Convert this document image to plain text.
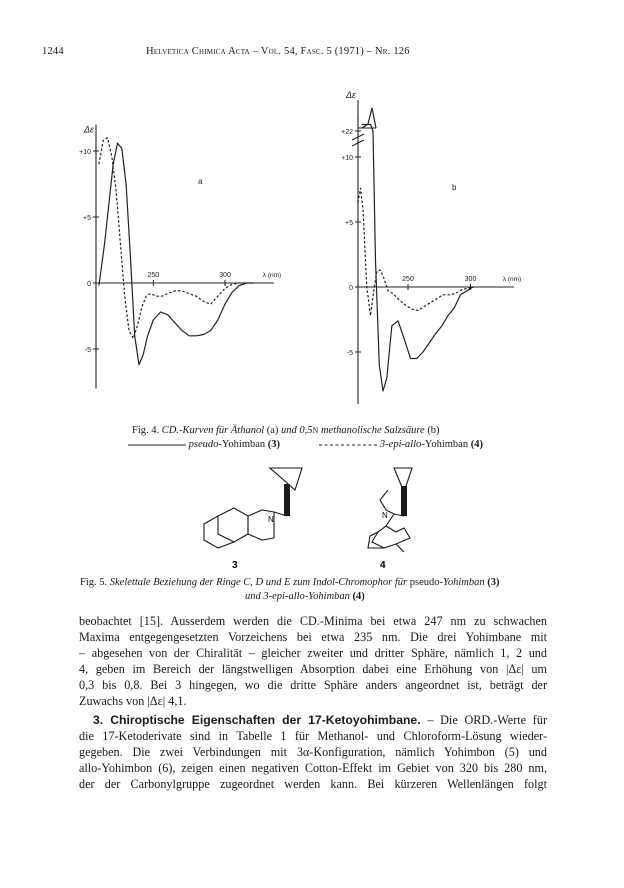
1244	Helvetica Chimica Acta – Vol. 54, Fasc. 5 (1971) – Nr. 126
+10
+5
0
-5
250	300	λ (nm)
Δε
a
+10
+5
0
-5
250	300	λ (nm)
Δε
b
+22
Fig. 4. CD.-Kurven für Äthanol (a) und 0,5N methanolische Salzsäure (b)
pseudo-Yohimban (3)	3-epi-allo-Yohimban (4)
N
3
N
4
Fig. 5. Skelettale Beziehung der Ringe C, D und E zum Indol-Chromophor für pseudo-Yohimban (3)
und 3-epi-allo-Yohimban (4)

beobachtet [15]. Ausserdem werden die CD.-Minima bei etwa 247 nm zu schwachen

Maxima entgegengesetzten Vorzeichens bei etwa 235 nm. Die drei Yohimbane mit

– abgesehen von der Chiralität – gleicher zweiter und dritter Sphäre, nämlich 1, 2 und

4, geben im Bereich der längstwelligen Absorption dabei eine Erhöhung von |Δε| um

0,3 bis 0,8. Bei 3 hingegen, wo die dritte Sphäre anders angeordnet ist, beträgt der

Zuwachs von |Δε| 4,1.

3. Chiroptische Eigenschaften der 17-Ketoyohimbane. – Die ORD.-Werte für

die 17-Ketoderivate sind in Tabelle 1 für Methanol- und Chloroform-Lösung wieder-

gegeben. Die zwei Verbindungen mit 3α-Konfiguration, nämlich Yohimbon (5) und

allo-Yohimbon (6), zeigen einen negativen Cotton-Effekt im Gebiet von 320 bis 280 nm,

der der Carbonylgruppe zugeordnet werden kann. Bei kürzeren Wellenlängen folgt
